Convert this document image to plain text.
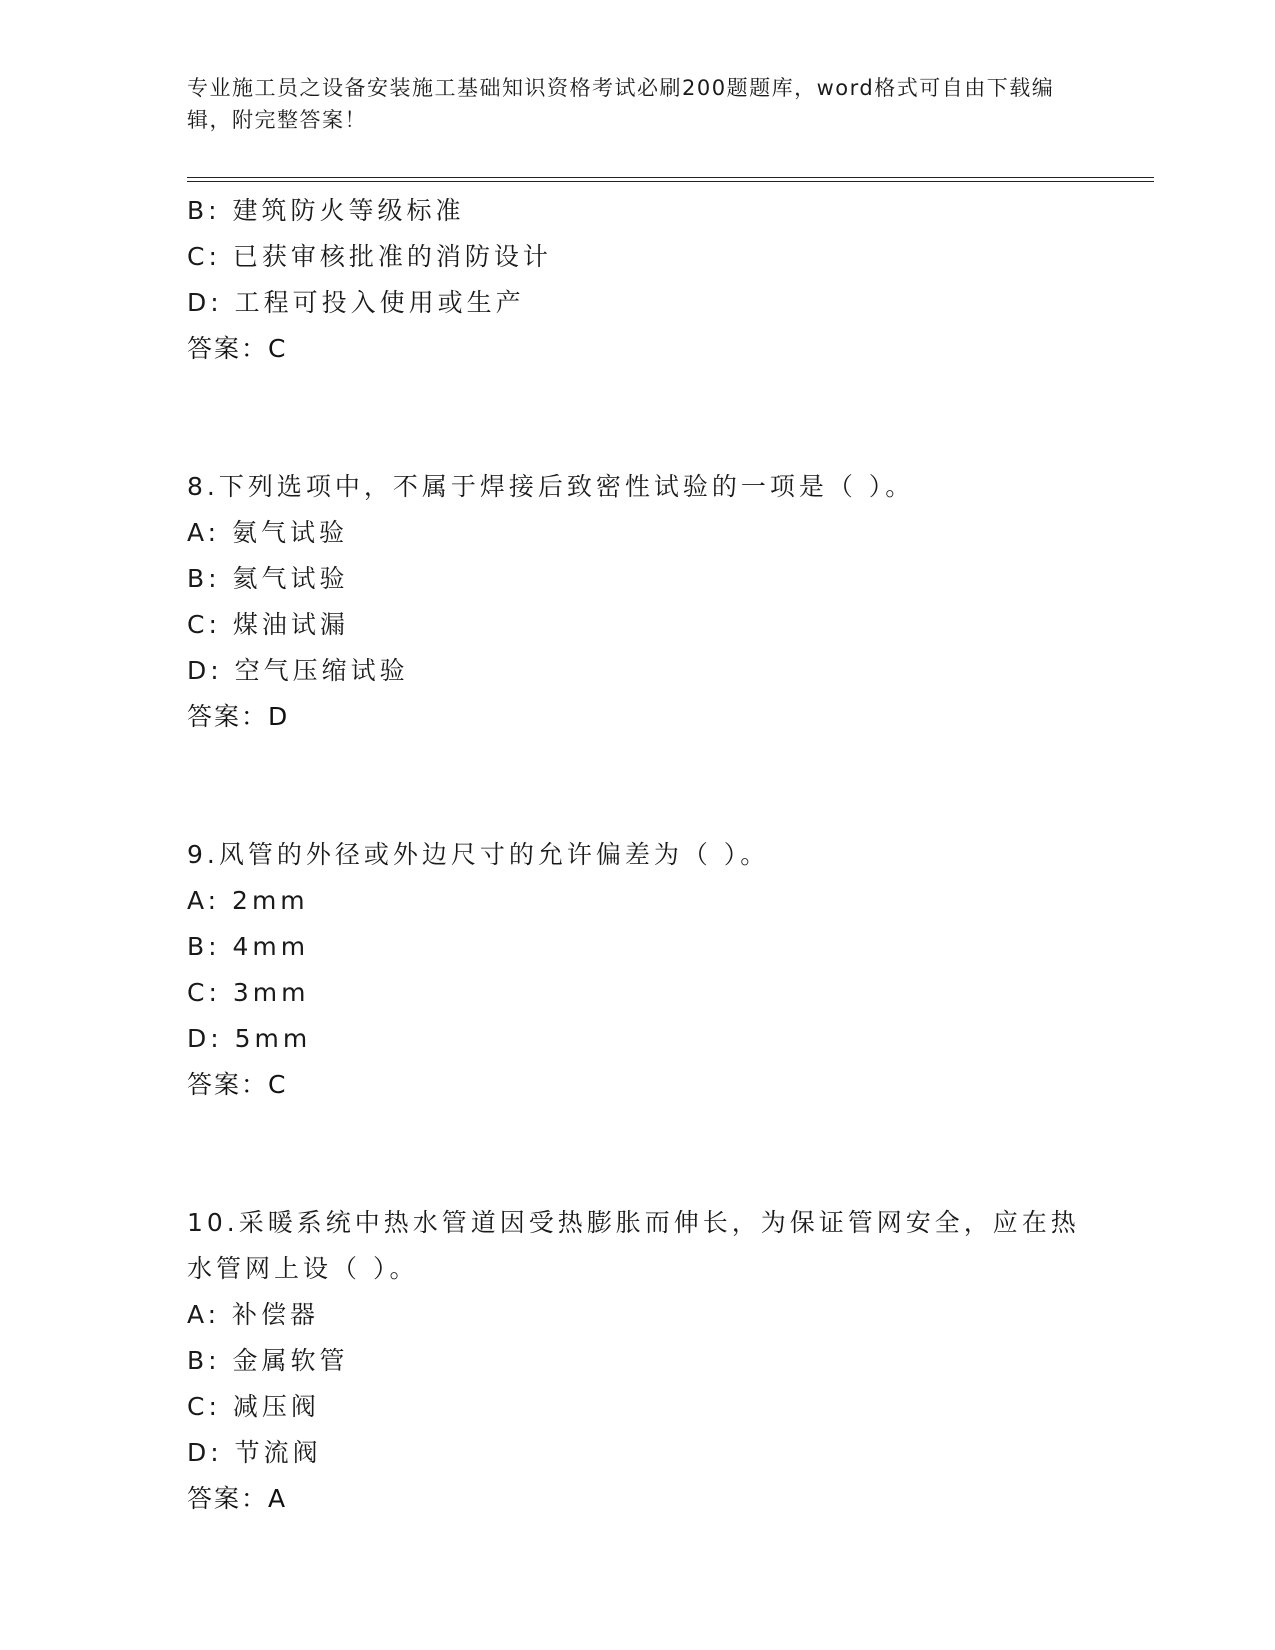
专业施工员之设备安装施工基础知识资格考试必刷200题题库，word格式可自由下载编辑，附完整答案！
B: 建筑防火等级标准
C: 已获审核批准的消防设计
D: 工程可投入使用或生产
答案：C
8.下列选项中，不属于焊接后致密性试验的一项是（ ）。
A: 氨气试验
B: 氦气试验
C: 煤油试漏
D: 空气压缩试验
答案：D
9.风管的外径或外边尺寸的允许偏差为（ ）。
A: 2mm
B: 4mm
C: 3mm
D: 5mm
答案：C
10.采暖系统中热水管道因受热膨胀而伸长，为保证管网安全，应在热水管网上设（ ）。
A: 补偿器
B: 金属软管
C: 减压阀
D: 节流阀
答案：A
